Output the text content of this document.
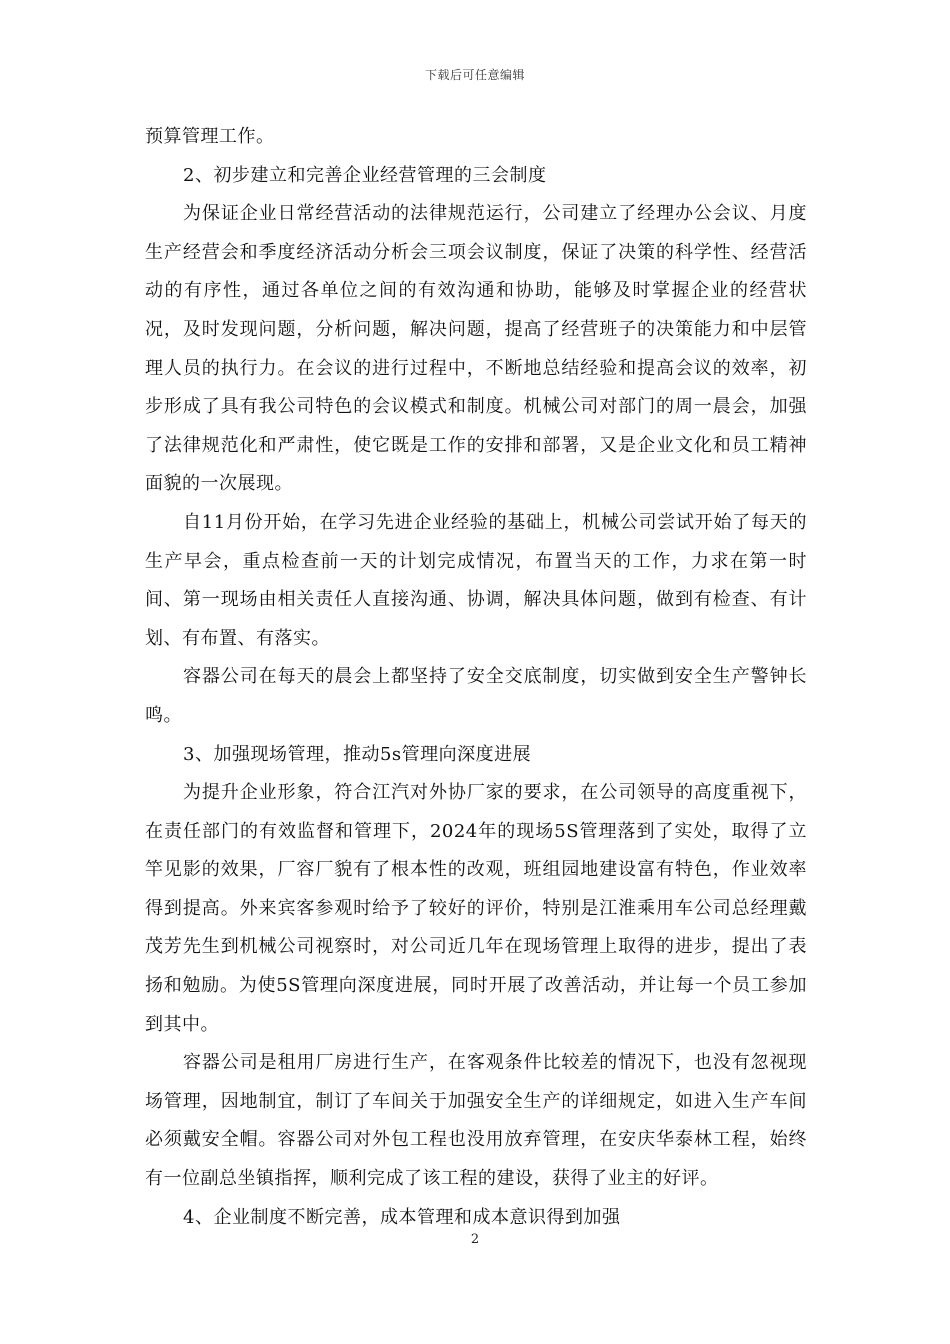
下载后可任意编辑

预算管理工作。

2、初步建立和完善企业经营管理的三会制度

为保证企业日常经营活动的法律规范运行，公司建立了经理办公会议、月度生产经营会和季度经济活动分析会三项会议制度，保证了决策的科学性、经营活动的有序性，通过各单位之间的有效沟通和协助，能够及时掌握企业的经营状况，及时发现问题，分析问题，解决问题，提高了经营班子的决策能力和中层管理人员的执行力。在会议的进行过程中，不断地总结经验和提高会议的效率，初步形成了具有我公司特色的会议模式和制度。机械公司对部门的周一晨会，加强了法律规范化和严肃性，使它既是工作的安排和部署，又是企业文化和员工精神面貌的一次展现。

自11月份开始，在学习先进企业经验的基础上，机械公司尝试开始了每天的生产早会，重点检查前一天的计划完成情况，布置当天的工作，力求在第一时间、第一现场由相关责任人直接沟通、协调，解决具体问题，做到有检查、有计划、有布置、有落实。

容器公司在每天的晨会上都坚持了安全交底制度，切实做到安全生产警钟长鸣。

3、加强现场管理，推动5s管理向深度进展

为提升企业形象，符合江汽对外协厂家的要求，在公司领导的高度重视下，在责任部门的有效监督和管理下，2024年的现场5S管理落到了实处，取得了立竿见影的效果，厂容厂貌有了根本性的改观，班组园地建设富有特色，作业效率得到提高。外来宾客参观时给予了较好的评价，特别是江淮乘用车公司总经理戴茂芳先生到机械公司视察时，对公司近几年在现场管理上取得的进步，提出了表扬和勉励。为使5S管理向深度进展，同时开展了改善活动，并让每一个员工参加到其中。

容器公司是租用厂房进行生产，在客观条件比较差的情况下，也没有忽视现场管理，因地制宜，制订了车间关于加强安全生产的详细规定，如进入生产车间必须戴安全帽。容器公司对外包工程也没用放弃管理，在安庆华泰林工程，始终有一位副总坐镇指挥，顺利完成了该工程的建设，获得了业主的好评。

4、企业制度不断完善，成本管理和成本意识得到加强

2
